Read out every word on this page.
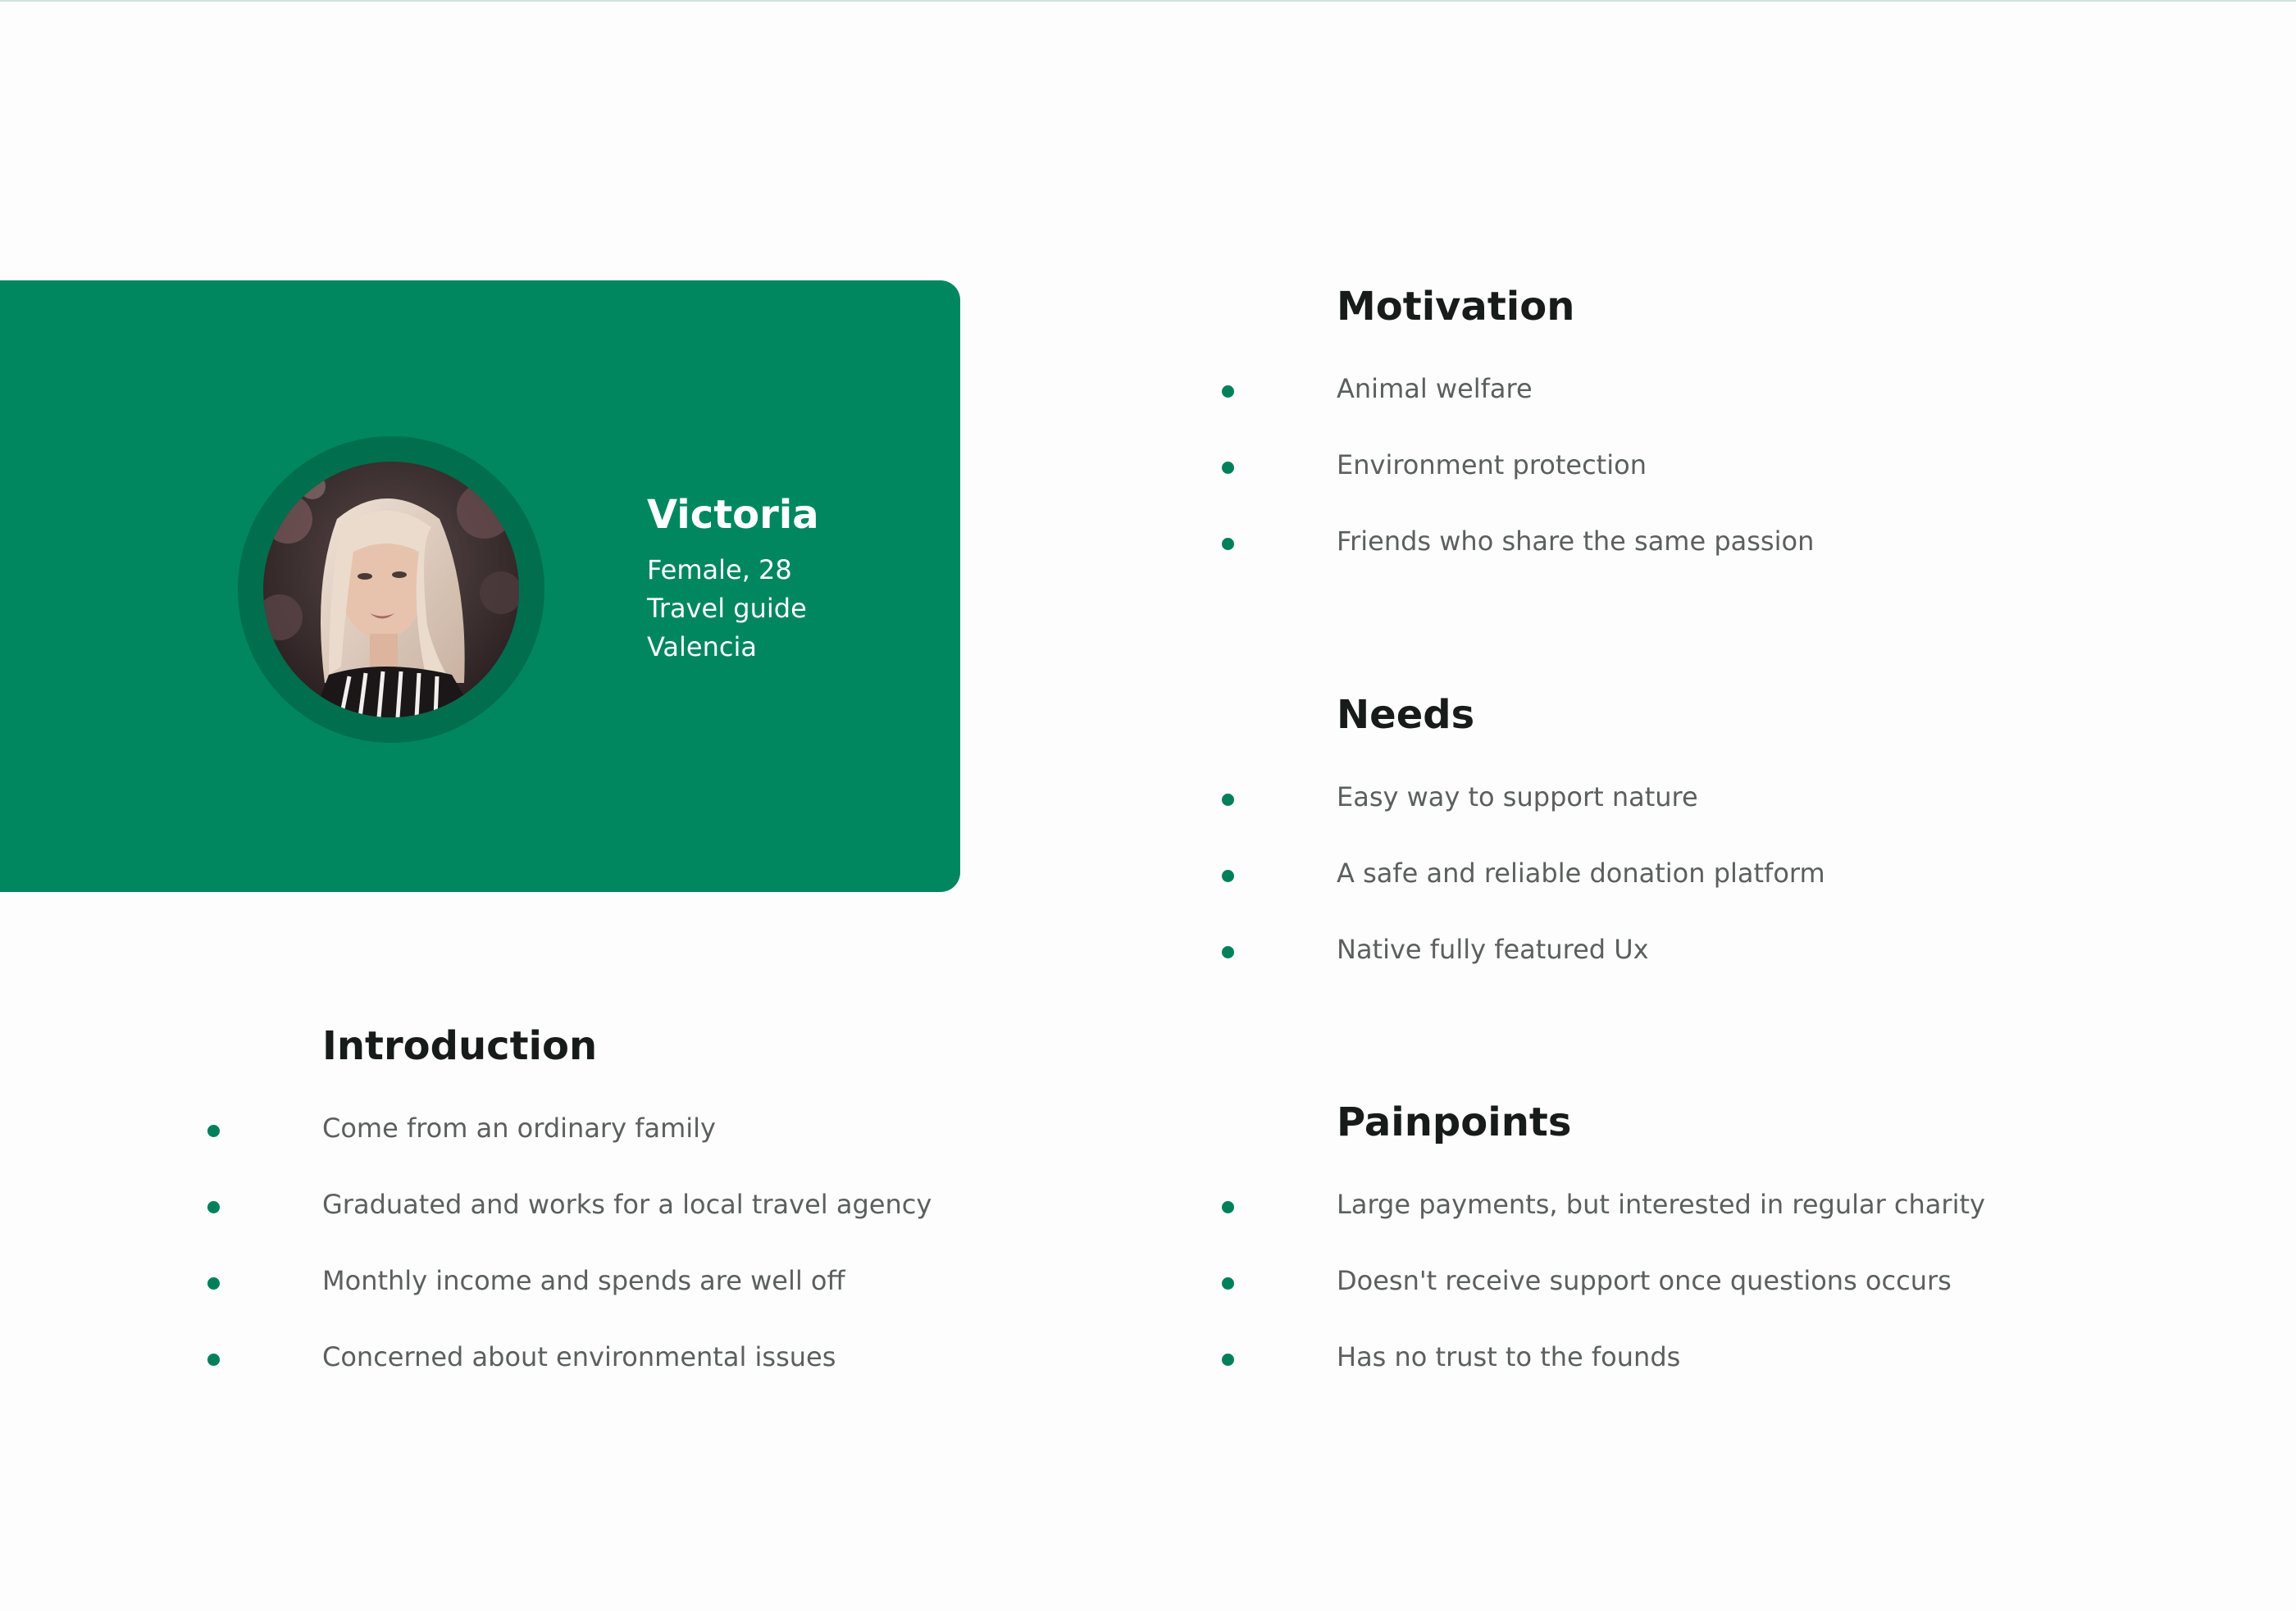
Victoria
Female, 28
Travel guide
Valencia
Motivation
Animal welfare
Environment protection
Friends who share the same passion
Needs
Easy way to support nature
A safe and reliable donation platform
Native fully featured Ux
Introduction
Come from an ordinary family
Graduated and works for a local travel agency
Monthly income and spends are well off
Concerned about environmental issues
Painpoints
Large payments, but interested in regular charity
Doesn't receive support once questions occurs
Has no trust to the founds
